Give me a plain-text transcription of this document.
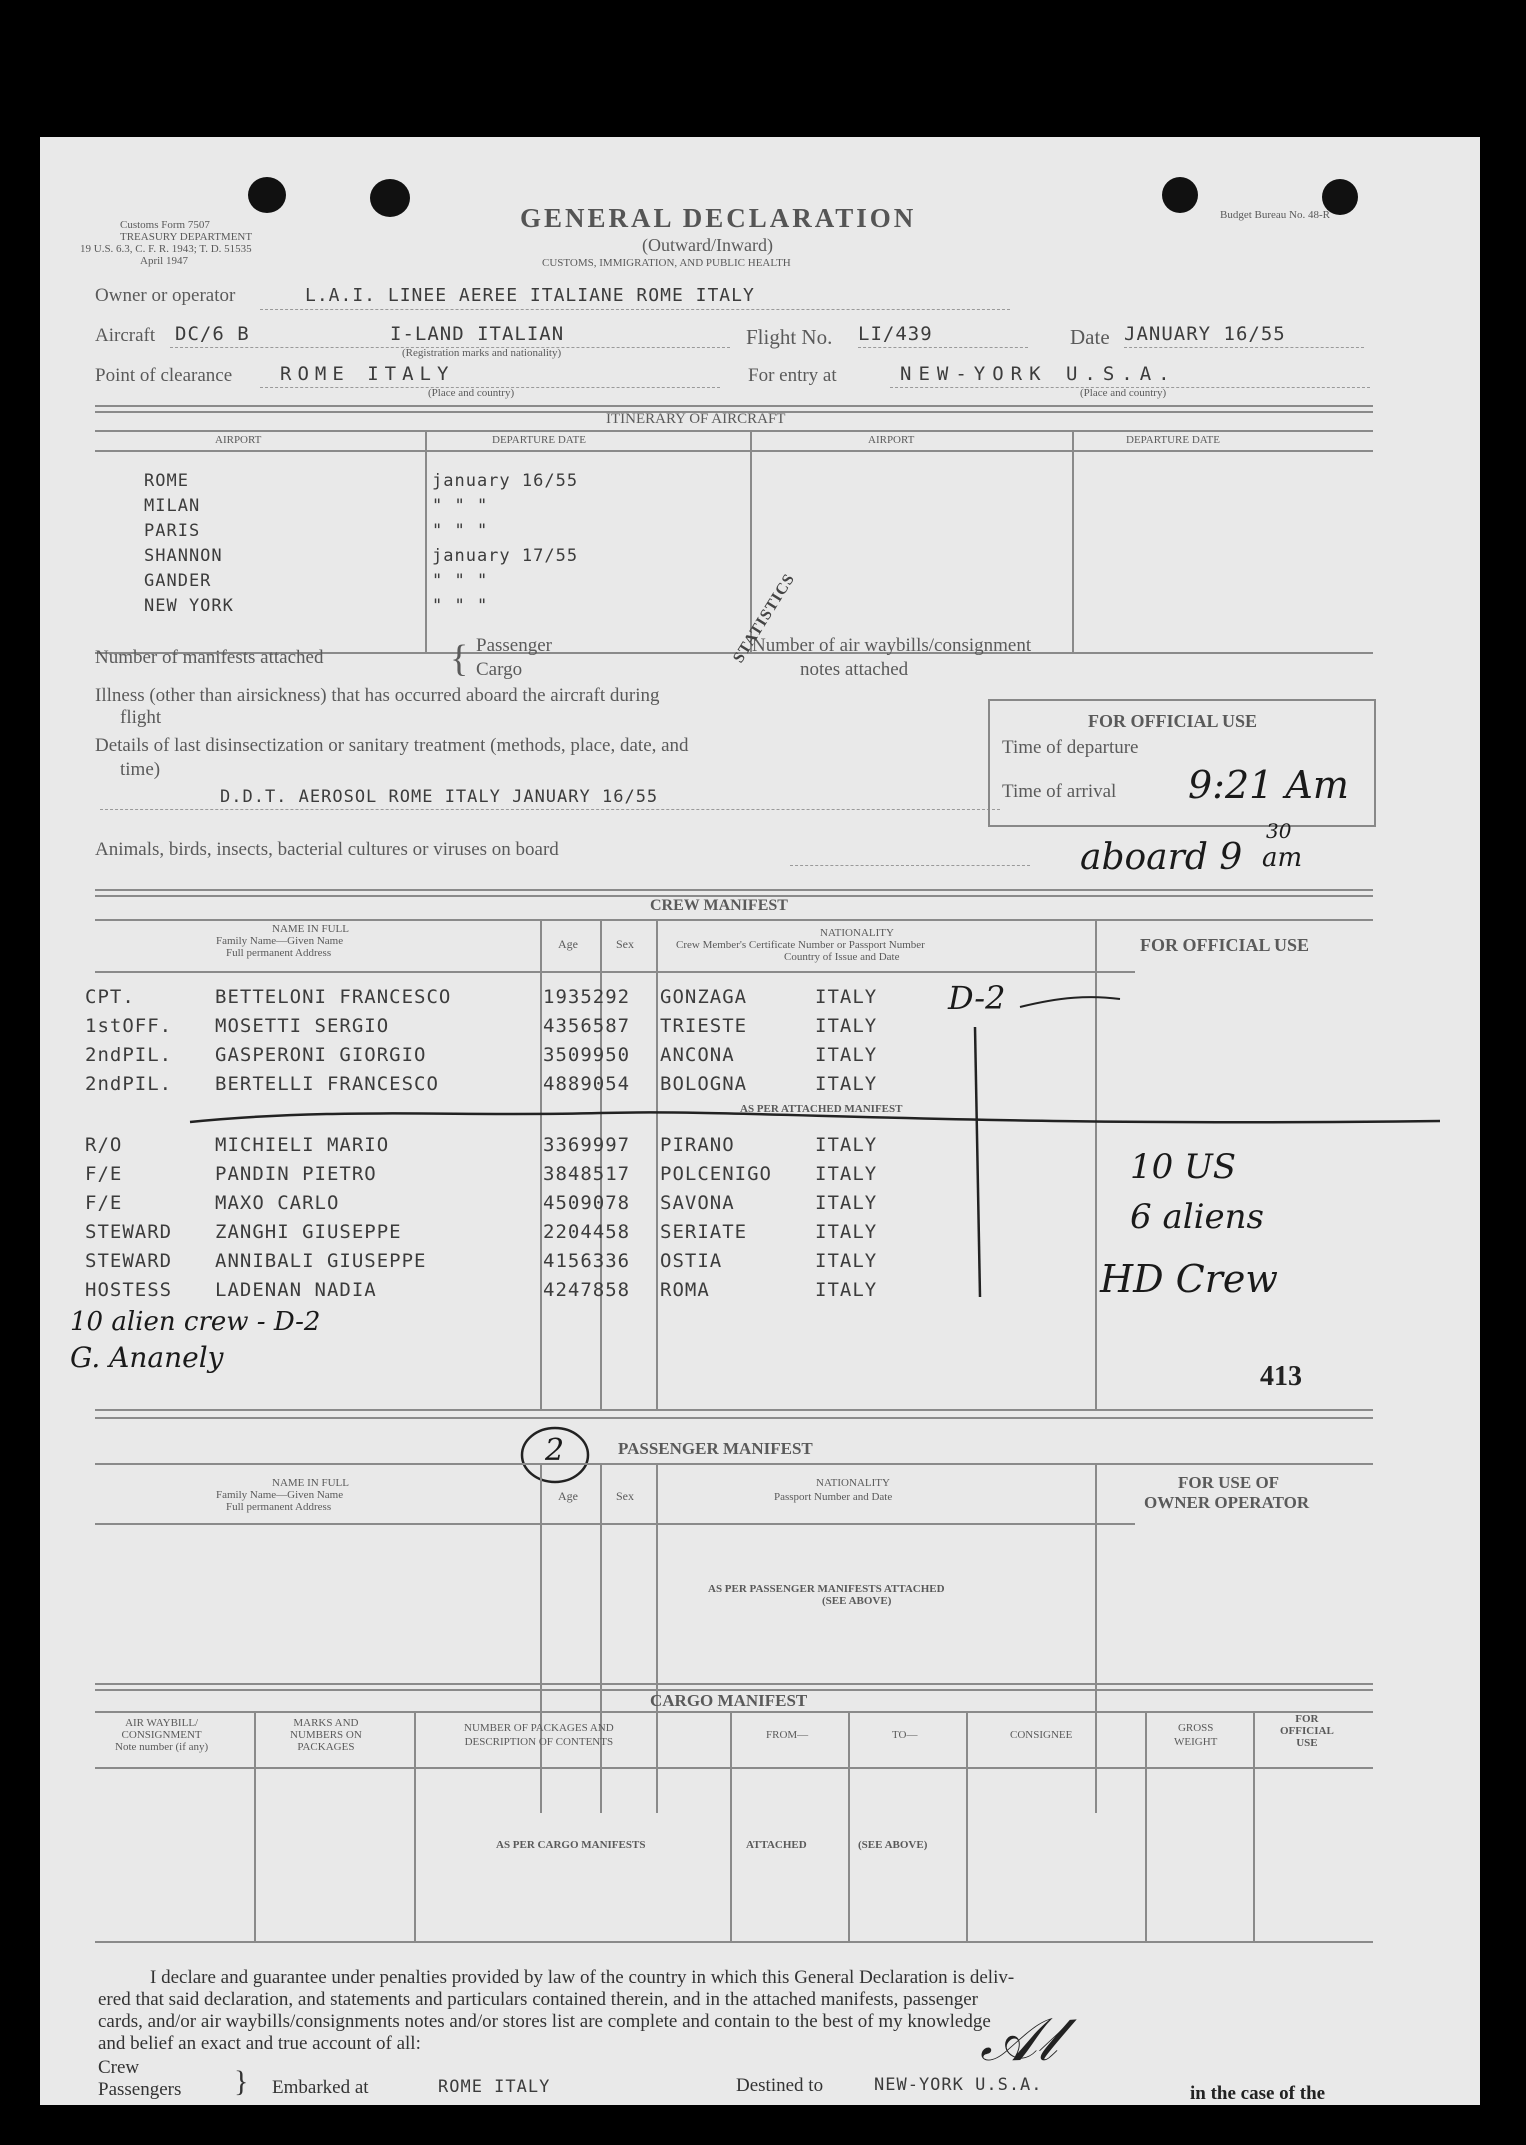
Customs Form 7507
TREASURY DEPARTMENT
19 U.S. 6.3, C. F. R. 1943; T. D. 51535
April 1947
Budget Bureau No. 48-R
GENERAL DECLARATION
(Outward/Inward)
CUSTOMS, IMMIGRATION, AND PUBLIC HEALTH
Owner or operator	L.A.I. LINEE AEREE ITALIANE ROME ITALY
Aircraft DC/6 B	I-LAND ITALIAN
(Registration marks and nationality)
Flight No. LI/439	Date JANUARY 16/55
Point of clearance	ROME ITALY
(Place and country)
For entry at	NEW-YORK U.S.A.
(Place and country)
ITINERARY OF AIRCRAFT
AIRPORT	DEPARTURE DATE	AIRPORT	DEPARTURE DATE
ROME	january 16/55
MILAN	" " "
PARIS	" " "
SHANNON	january 17/55
GANDER	" " "
NEW YORK	" " "
Number of manifests attached	{ Passenger
Cargo
Number of air waybills/consignment
notes attached
STATISTICS
Illness (other than airsickness) that has occurred aboard the aircraft during
flight
Details of last disinsectization or sanitary treatment (methods, place, date, and
time)
D.D.T. AEROSOL ROME ITALY JANUARY 16/55
FOR OFFICIAL USE
Time of departure
Time of arrival 9:21 Am
Animals, birds, insects, bacterial cultures or viruses on board	aboard 9
30
am
CREW MANIFEST
NAME IN FULL
Family Name—Given Name
Full permanent Address
Age	Sex
NATIONALITY
Crew Member's Certificate Number or Passport Number
Country of Issue and Date
FOR OFFICIAL USE
CPT.	BETTELONI FRANCESCO	1935292 GONZAGA	ITALY
1stOFF. MOSETTI SERGIO	4356587 TRIESTE	ITALY
2ndPIL. GASPERONI GIORGIO	3509950 ANCONA	ITALY
2ndPIL. BERTELLI FRANCESCO	4889054 BOLOGNA	ITALY
AS PER ATTACHED MANIFEST
R/O	MICHIELI MARIO	3369997 PIRANO	ITALY
F/E	PANDIN PIETRO	3848517 POLCENIGO ITALY
F/E	MAXO CARLO	4509078 SAVONA	ITALY
STEWARD ZANGHI GIUSEPPE	2204458 SERIATE	ITALY
STEWARD ANNIBALI GIUSEPPE	4156336 OSTIA	ITALY
HOSTESS LADENAN NADIA	4247858 ROMA	ITALY
D-2
10 US
6 aliens
HD Crew
10 alien crew - D-2
G. Ananely
413
PASSENGER MANIFEST
2
NAME IN FULL
Family Name—Given Name
Full permanent Address
Age	Sex
NATIONALITY
Passport Number and Date
FOR USE OF
OWNER OPERATOR
AS PER PASSENGER MANIFESTS ATTACHED
(SEE ABOVE)
CARGO MANIFEST
AIR WAYBILL/
CONSIGNMENT
Note number (if any)
MARKS AND
NUMBERS ON
PACKAGES
NUMBER OF PACKAGES AND
DESCRIPTION OF CONTENTS
FROM—	TO—	CONSIGNEE
GROSS
WEIGHT
FOR
OFFICIAL
USE
AS PER CARGO MANIFESTS	ATTACHED	(SEE ABOVE)
I declare and guarantee under penalties provided by law of the country in which this General Declaration is deliv-
ered that said declaration, and statements and particulars contained therein, and in the attached manifests, passenger
cards, and/or air waybills/consignments notes and/or stores list are complete and contain to the best of my knowledge
and belief an exact and true account of all:
Crew
Passengers } Embarked at	ROME ITALY	Destined to	NEW-YORK U.S.A.	in the case of the
𝒜𝓁
